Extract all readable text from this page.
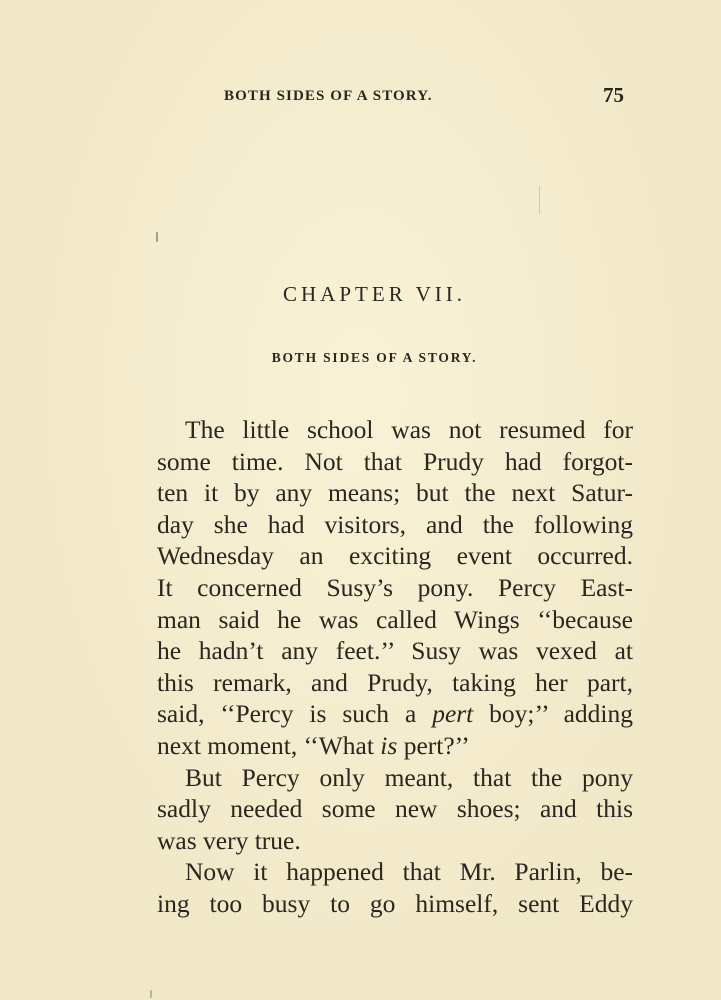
BOTH SIDES OF A STORY.	75
CHAPTER VII.
BOTH SIDES OF A STORY.
The little school was not resumed for
some time. Not that Prudy had forgot-
ten it by any means; but the next Satur-
day she had visitors, and the following
Wednesday an exciting event occurred.
It concerned Susy’s pony. Percy East-
man said he was called Wings ‘‘because
he hadn’t any feet.’’ Susy was vexed at
this remark, and Prudy, taking her part,
said, ‘‘Percy is such a pert boy;’’ adding
next moment, ‘‘What is pert?’’
But Percy only meant, that the pony
sadly needed some new shoes; and this
was very true.
Now it happened that Mr. Parlin, be-
ing too busy to go himself, sent Eddy
